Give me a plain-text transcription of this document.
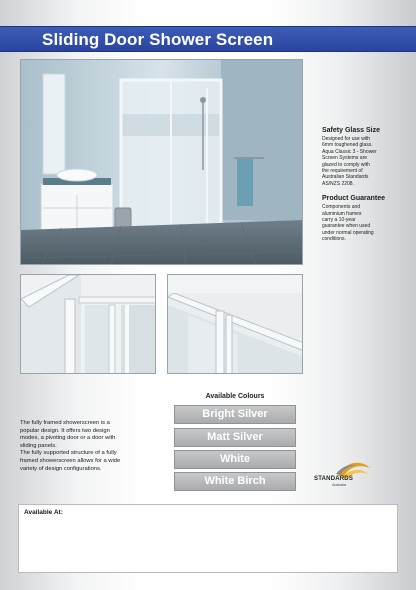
Sliding Door Shower Screen
Safety Glass Size
Designed for use with
6mm toughened glass.
Aqua Classic 3 - Shower
Screen Systems are
glazed to comply with
the requirement of
Australian Standards
AS/NZS 2208.
Product Guarantee
Components and
aluminium frames
carry a 10-year
guarantee when used
under normal operating
conditions.
The fully framed showerscreen is a
popular design. It offers two design
modes, a pivoting door or a door with
sliding panels.
The fully supported structure of a fully
framed showerscreen allows for a wide
variety of design configurations.
Available Colours
Bright Silver
Matt Silver
White
White Birch	STANDARDS
Australia
Available At:
